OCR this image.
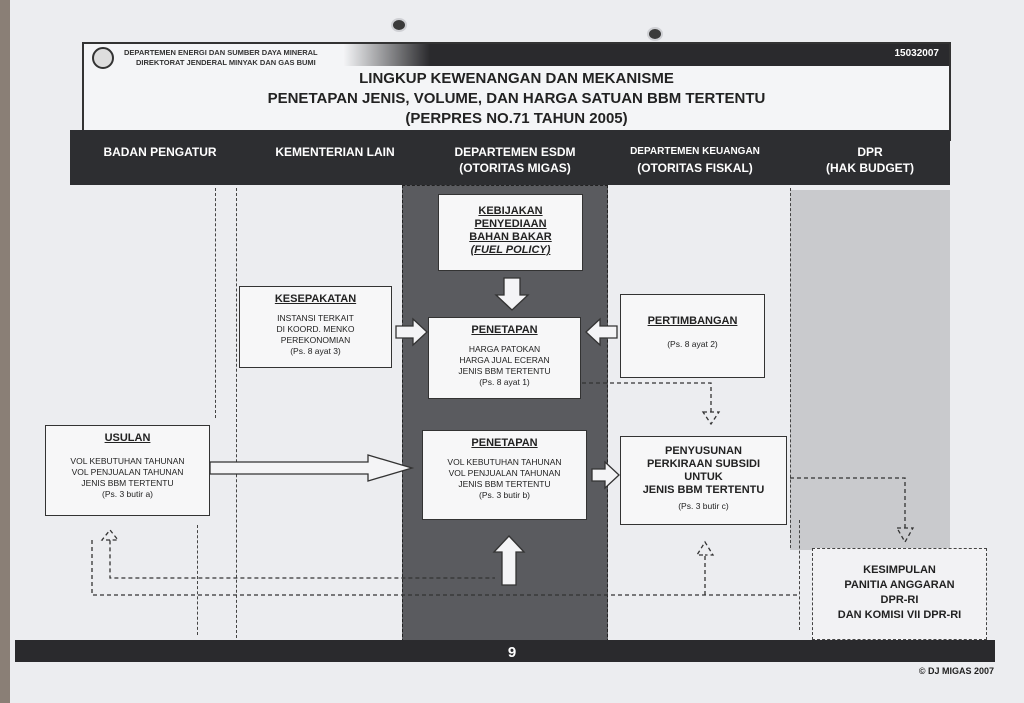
DEPARTEMEN ENERGI DAN SUMBER DAYA MINERAL
DIREKTORAT JENDERAL MINYAK DAN GAS BUMI
15032007
LINGKUP KEWENANGAN DAN MEKANISME
PENETAPAN JENIS, VOLUME, DAN HARGA SATUAN BBM TERTENTU
(PERPRES NO.71 TAHUN 2005)
BADAN PENGATUR	KEMENTERIAN LAIN	DEPARTEMEN ESDM
(OTORITAS MIGAS)
DEPARTEMEN KEUANGAN
(OTORITAS FISKAL)
DPR
(HAK BUDGET)
KEBIJAKAN
PENYEDIAAN
BAHAN BAKAR
(FUEL POLICY)
KESEPAKATAN
INSTANSI TERKAIT
DI KOORD. MENKO
PEREKONOMIAN
(Ps. 8 ayat 3)
PENETAPAN
HARGA PATOKAN
HARGA JUAL ECERAN
JENIS BBM TERTENTU
(Ps. 8 ayat 1)
PERTIMBANGAN
(Ps. 8 ayat 2)
USULAN
VOL KEBUTUHAN TAHUNAN
VOL PENJUALAN TAHUNAN
JENIS BBM TERTENTU
(Ps. 3 butir a)
PENETAPAN
VOL KEBUTUHAN TAHUNAN
VOL PENJUALAN TAHUNAN
JENIS BBM TERTENTU
(Ps. 3 butir b)
PENYUSUNAN
PERKIRAAN SUBSIDI
UNTUK
JENIS BBM TERTENTU
(Ps. 3 butir c)
KESIMPULAN
PANITIA ANGGARAN
DPR-RI
DAN KOMISI VII DPR-RI
9
© DJ MIGAS 2007
